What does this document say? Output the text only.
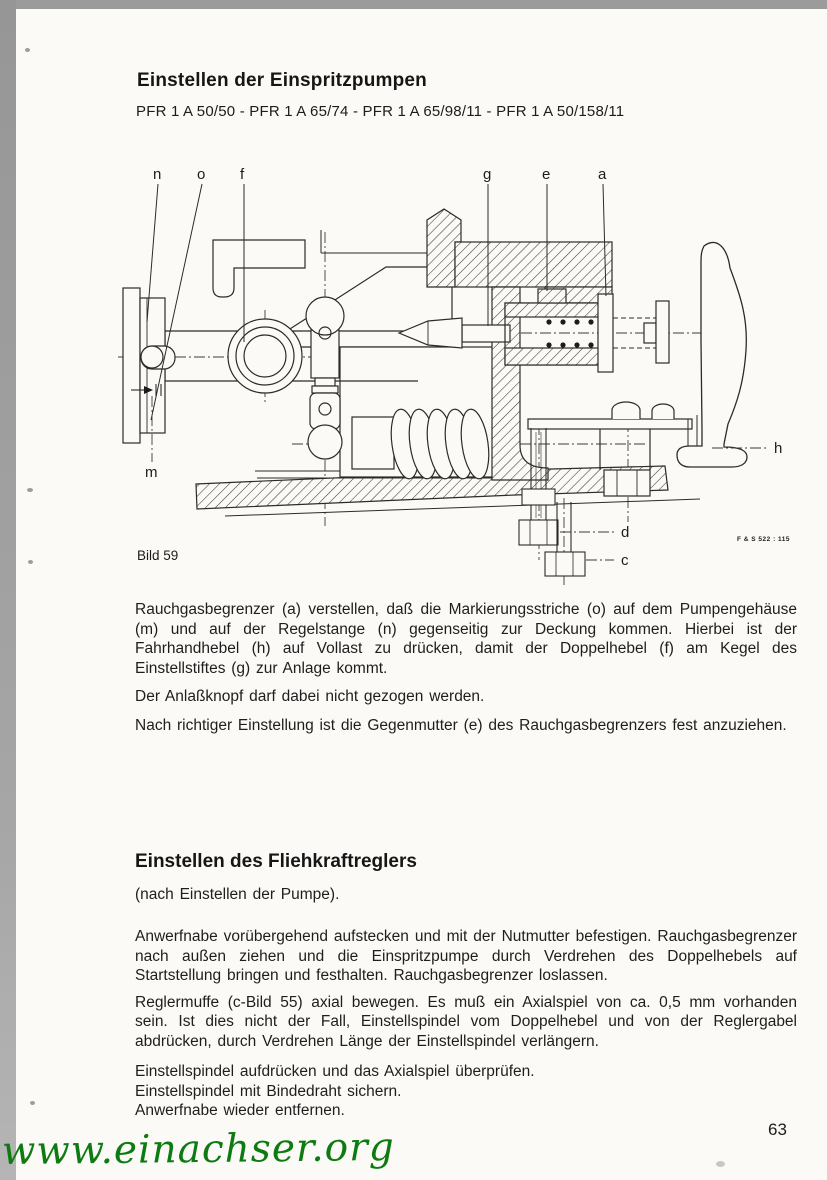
Einstellen der Einspritzpumpen
PFR 1 A 50/50 - PFR 1 A 65/74 - PFR 1 A 65/98/11 - PFR 1 A 50/158/11
n o f	g	e	a
h
m
d
c
Bild 59
F & S 522 : 115

Rauchgasbegrenzer (a) verstellen, daß die Markierungsstriche (o) auf dem Pumpengehäuse (m) und auf der Regelstange (n) gegenseitig zur Deckung kommen. Hierbei ist der Fahrhandhebel (h) auf Vollast zu drücken, damit der Doppelhebel (f) am Kegel des Einstellstiftes (g) zur Anlage kommt.

Der Anlaßknopf darf dabei nicht gezogen werden.

Nach richtiger Einstellung ist die Gegenmutter (e) des Rauchgasbegrenzers fest anzuziehen.

Einstellen des Fliehkraftreglers

(nach Einstellen der Pumpe).

Anwerfnabe vorübergehend aufstecken und mit der Nutmutter befestigen. Rauchgasbegrenzer nach außen ziehen und die Einspritzpumpe durch Verdrehen des Doppelhebels auf Startstellung bringen und festhalten. Rauchgasbegrenzer loslassen.

Reglermuffe (c-Bild 55) axial bewegen. Es muß ein Axialspiel von ca. 0,5 mm vorhanden sein. Ist dies nicht der Fall, Einstellspindel vom Doppelhebel und von der Reglergabel abdrücken, durch Verdrehen Länge der Einstellspindel verlängern.

Einstellspindel aufdrücken und das Axialspiel überprüfen.

Einstellspindel mit Bindedraht sichern.

Anwerfnabe wieder entfernen.

63
www.einachser.org
